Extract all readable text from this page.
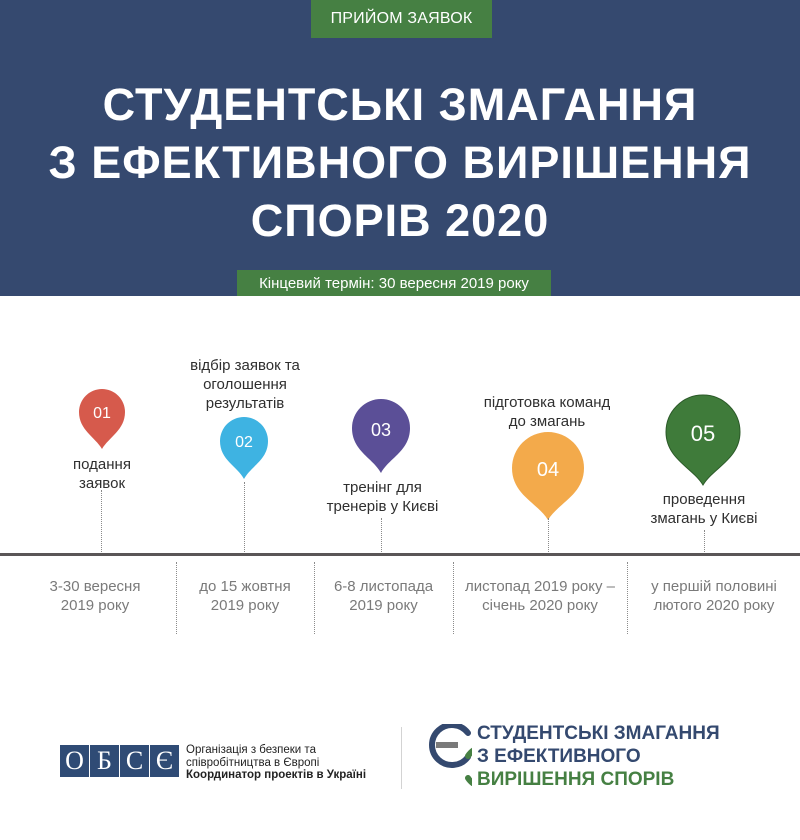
ПРИЙОМ ЗАЯВОК
СТУДЕНТСЬКІ ЗМАГАННЯ
З ЕФЕКТИВНОГО ВИРІШЕННЯ
СПОРІВ 2020
Кінцевий термін: 30 вересня 2019 року
01
подання
заявок
відбір заявок та
оголошення
результатів
02
03
тренінг для
тренерів у Києві
підготовка команд
до змагань
04
05
проведення
змагань у Києві
3-30 вересня
2019 року
до 15 жовтня
2019 року
6-8 листопада
2019 року
листопад 2019 року –
січень 2020 року
у першій половині
лютого 2020 року
О Б С Є	Організація з безпеки та
співробітництва в Європі
Координатор проектів в Україні
СТУДЕНТСЬКІ ЗМАГАННЯ
З ЕФЕКТИВНОГО
ВИРІШЕННЯ СПОРІВ
